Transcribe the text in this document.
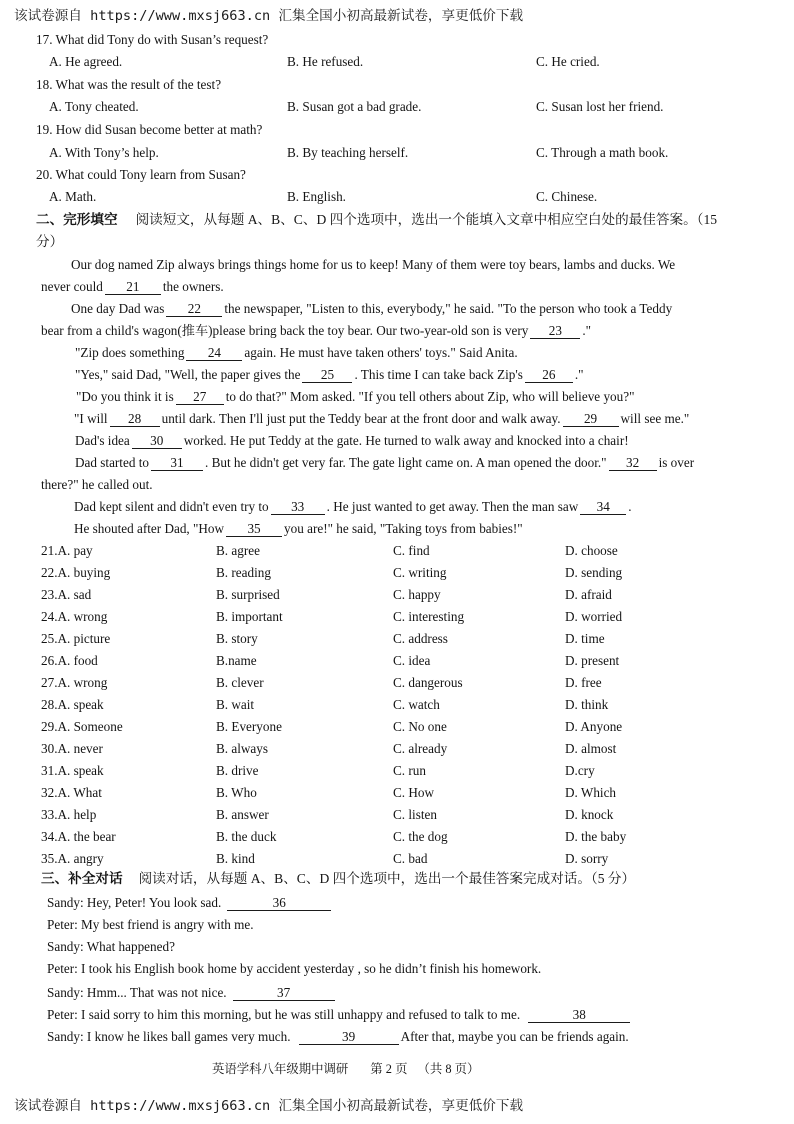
该试卷源自 https://www.mxsj663.cn 汇集全国小初高最新试卷，享更低价下载
17. What did Tony do with Susan’s request?
A. He agreed.	B. He refused.	C. He cried.
18. What was the result of the test?
A. Tony cheated.	B. Susan got a bad grade.	C. Susan lost her friend.
19. How did Susan become better at math?
A. With Tony’s help.	B. By teaching herself.	C. Through a math book.
20. What could Tony learn from Susan?
A. Math.	B. English.	C. Chinese.
二、完形填空 阅读短文，从每题 A、B、C、D 四个选项中，选出一个能填入文章中相应空白处的最佳答案。（15
分）
Our dog named Zip always brings things home for us to keep! Many of them were toy bears, lambs and ducks. We
never could 21 the owners.
One day Dad was 22 the newspaper, "Listen to this, everybody," he said. "To the person who took a Teddy
bear from a child's wagon(推车)please bring back the toy bear. Our two-year-old son is very 23 ."
"Zip does something 24 again. He must have taken others' toys." Said Anita.
"Yes," said Dad, "Well, the paper gives the 25 . This time I can take back Zip's 26 ."
"Do you think it is 27 to do that?" Mom asked. "If you tell others about Zip, who will believe you?"
"I will 28 until dark. Then I'll just put the Teddy bear at the front door and walk away. 29 will see me."
Dad's idea 30 worked. He put Teddy at the gate. He turned to walk away and knocked into a chair!
Dad started to 31 . But he didn't get very far. The gate light came on. A man opened the door." 32 is over
there?" he called out.
Dad kept silent and didn't even try to 33 . He just wanted to get away. Then the man saw 34 .
He shouted after Dad, "How 35 you are!" he said, "Taking toys from babies!"
21.A. pay	B. agree	C. find	D. choose
22.A. buying	B. reading	C. writing	D. sending
23.A. sad	B. surprised	C. happy	D. afraid
24.A. wrong	B. important	C. interesting	D. worried
25.A. picture	B. story	C. address	D. time
26.A. food	B.name	C. idea	D. present
27.A. wrong	B. clever	C. dangerous	D. free
28.A. speak	B. wait	C. watch	D. think
29.A. Someone	B. Everyone	C. No one	D. Anyone
30.A. never	B. always	C. already	D. almost
31.A. speak	B. drive	C. run	D.cry
32.A. What	B. Who	C. How	D. Which
33.A. help	B. answer	C. listen	D. knock
34.A. the bear	B. the duck	C. the dog	D. the baby
35.A. angry	B. kind	C. bad	D. sorry
三、补全对话 阅读对话，从每题 A、B、C、D 四个选项中，选出一个最佳答案完成对话。（5 分）
Sandy: Hey, Peter! You look sad.	36
Peter: My best friend is angry with me.
Sandy: What happened?
Peter: I took his English book home by accident yesterday , so he didn’t finish his homework.
Sandy: Hmm... That was not nice.	37
Peter: I said sorry to him this morning, but he was still unhappy and refused to talk to me.	38
Sandy: I know he likes ball games very much.	39	After that, maybe you can be friends again.
英语学科八年级期中调研 第 2 页 （共 8 页）
该试卷源自 https://www.mxsj663.cn 汇集全国小初高最新试卷，享更低价下载
